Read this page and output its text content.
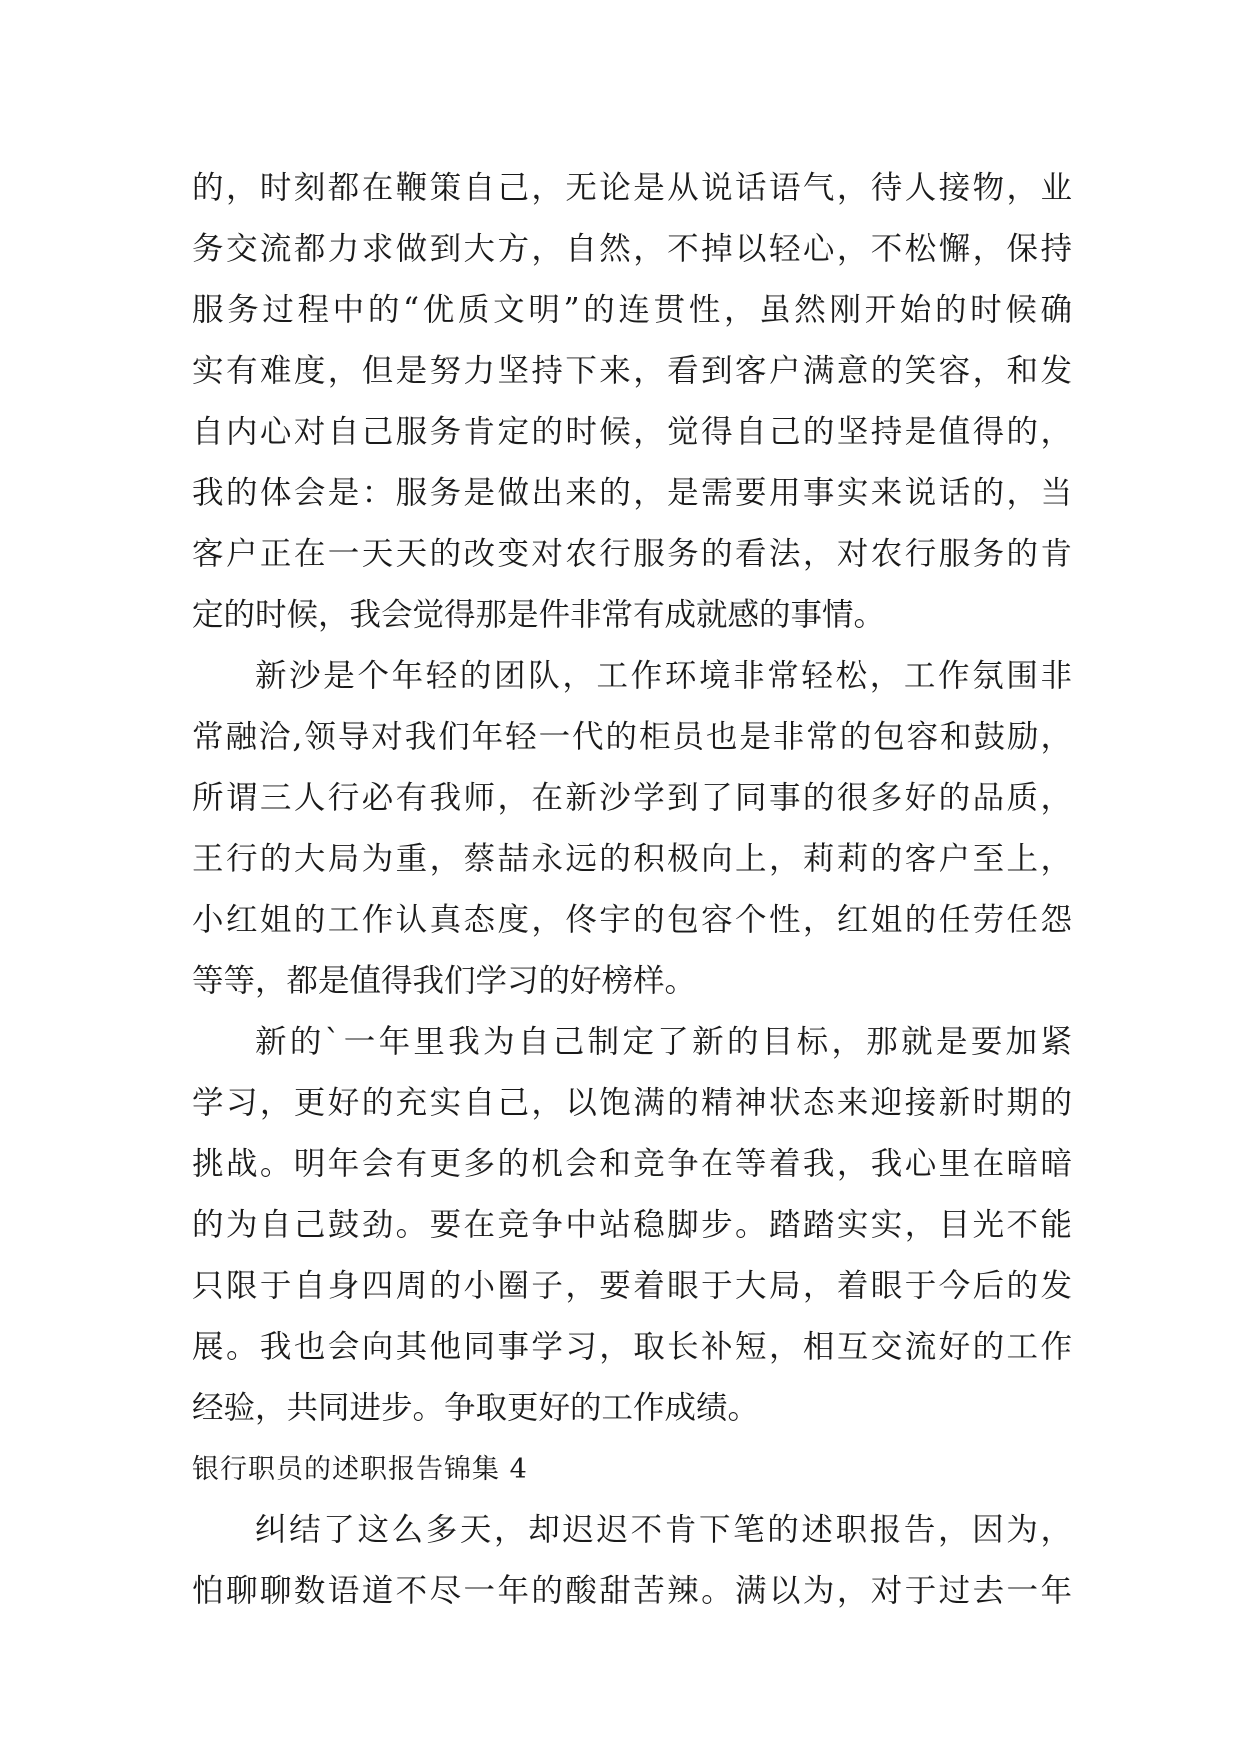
的，时刻都在鞭策自己，无论是从说话语气，待人接物，业
务交流都力求做到大方，自然，不掉以轻心，不松懈，保持
服务过程中的“优质文明”的连贯性，虽然刚开始的时候确
实有难度，但是努力坚持下来，看到客户满意的笑容，和发
自内心对自己服务肯定的时候，觉得自己的坚持是值得的，
我的体会是：服务是做出来的，是需要用事实来说话的，当
客户正在一天天的改变对农行服务的看法，对农行服务的肯
定的时候，我会觉得那是件非常有成就感的事情。
新沙是个年轻的团队，工作环境非常轻松，工作氛围非
常融洽,领导对我们年轻一代的柜员也是非常的包容和鼓励，
所谓三人行必有我师，在新沙学到了同事的很多好的品质，
王行的大局为重，蔡喆永远的积极向上，莉莉的客户至上，
小红姐的工作认真态度，佟宇的包容个性，红姐的任劳任怨
等等，都是值得我们学习的好榜样。
新的`一年里我为自己制定了新的目标，那就是要加紧
学习，更好的充实自己，以饱满的精神状态来迎接新时期的
挑战。明年会有更多的机会和竞争在等着我，我心里在暗暗
的为自己鼓劲。要在竞争中站稳脚步。踏踏实实，目光不能
只限于自身四周的小圈子，要着眼于大局，着眼于今后的发
展。我也会向其他同事学习，取长补短，相互交流好的工作
经验，共同进步。争取更好的工作成绩。
银行职员的述职报告锦集 4
纠结了这么多天，却迟迟不肯下笔的述职报告，因为，
怕聊聊数语道不尽一年的酸甜苦辣。满以为，对于过去一年
